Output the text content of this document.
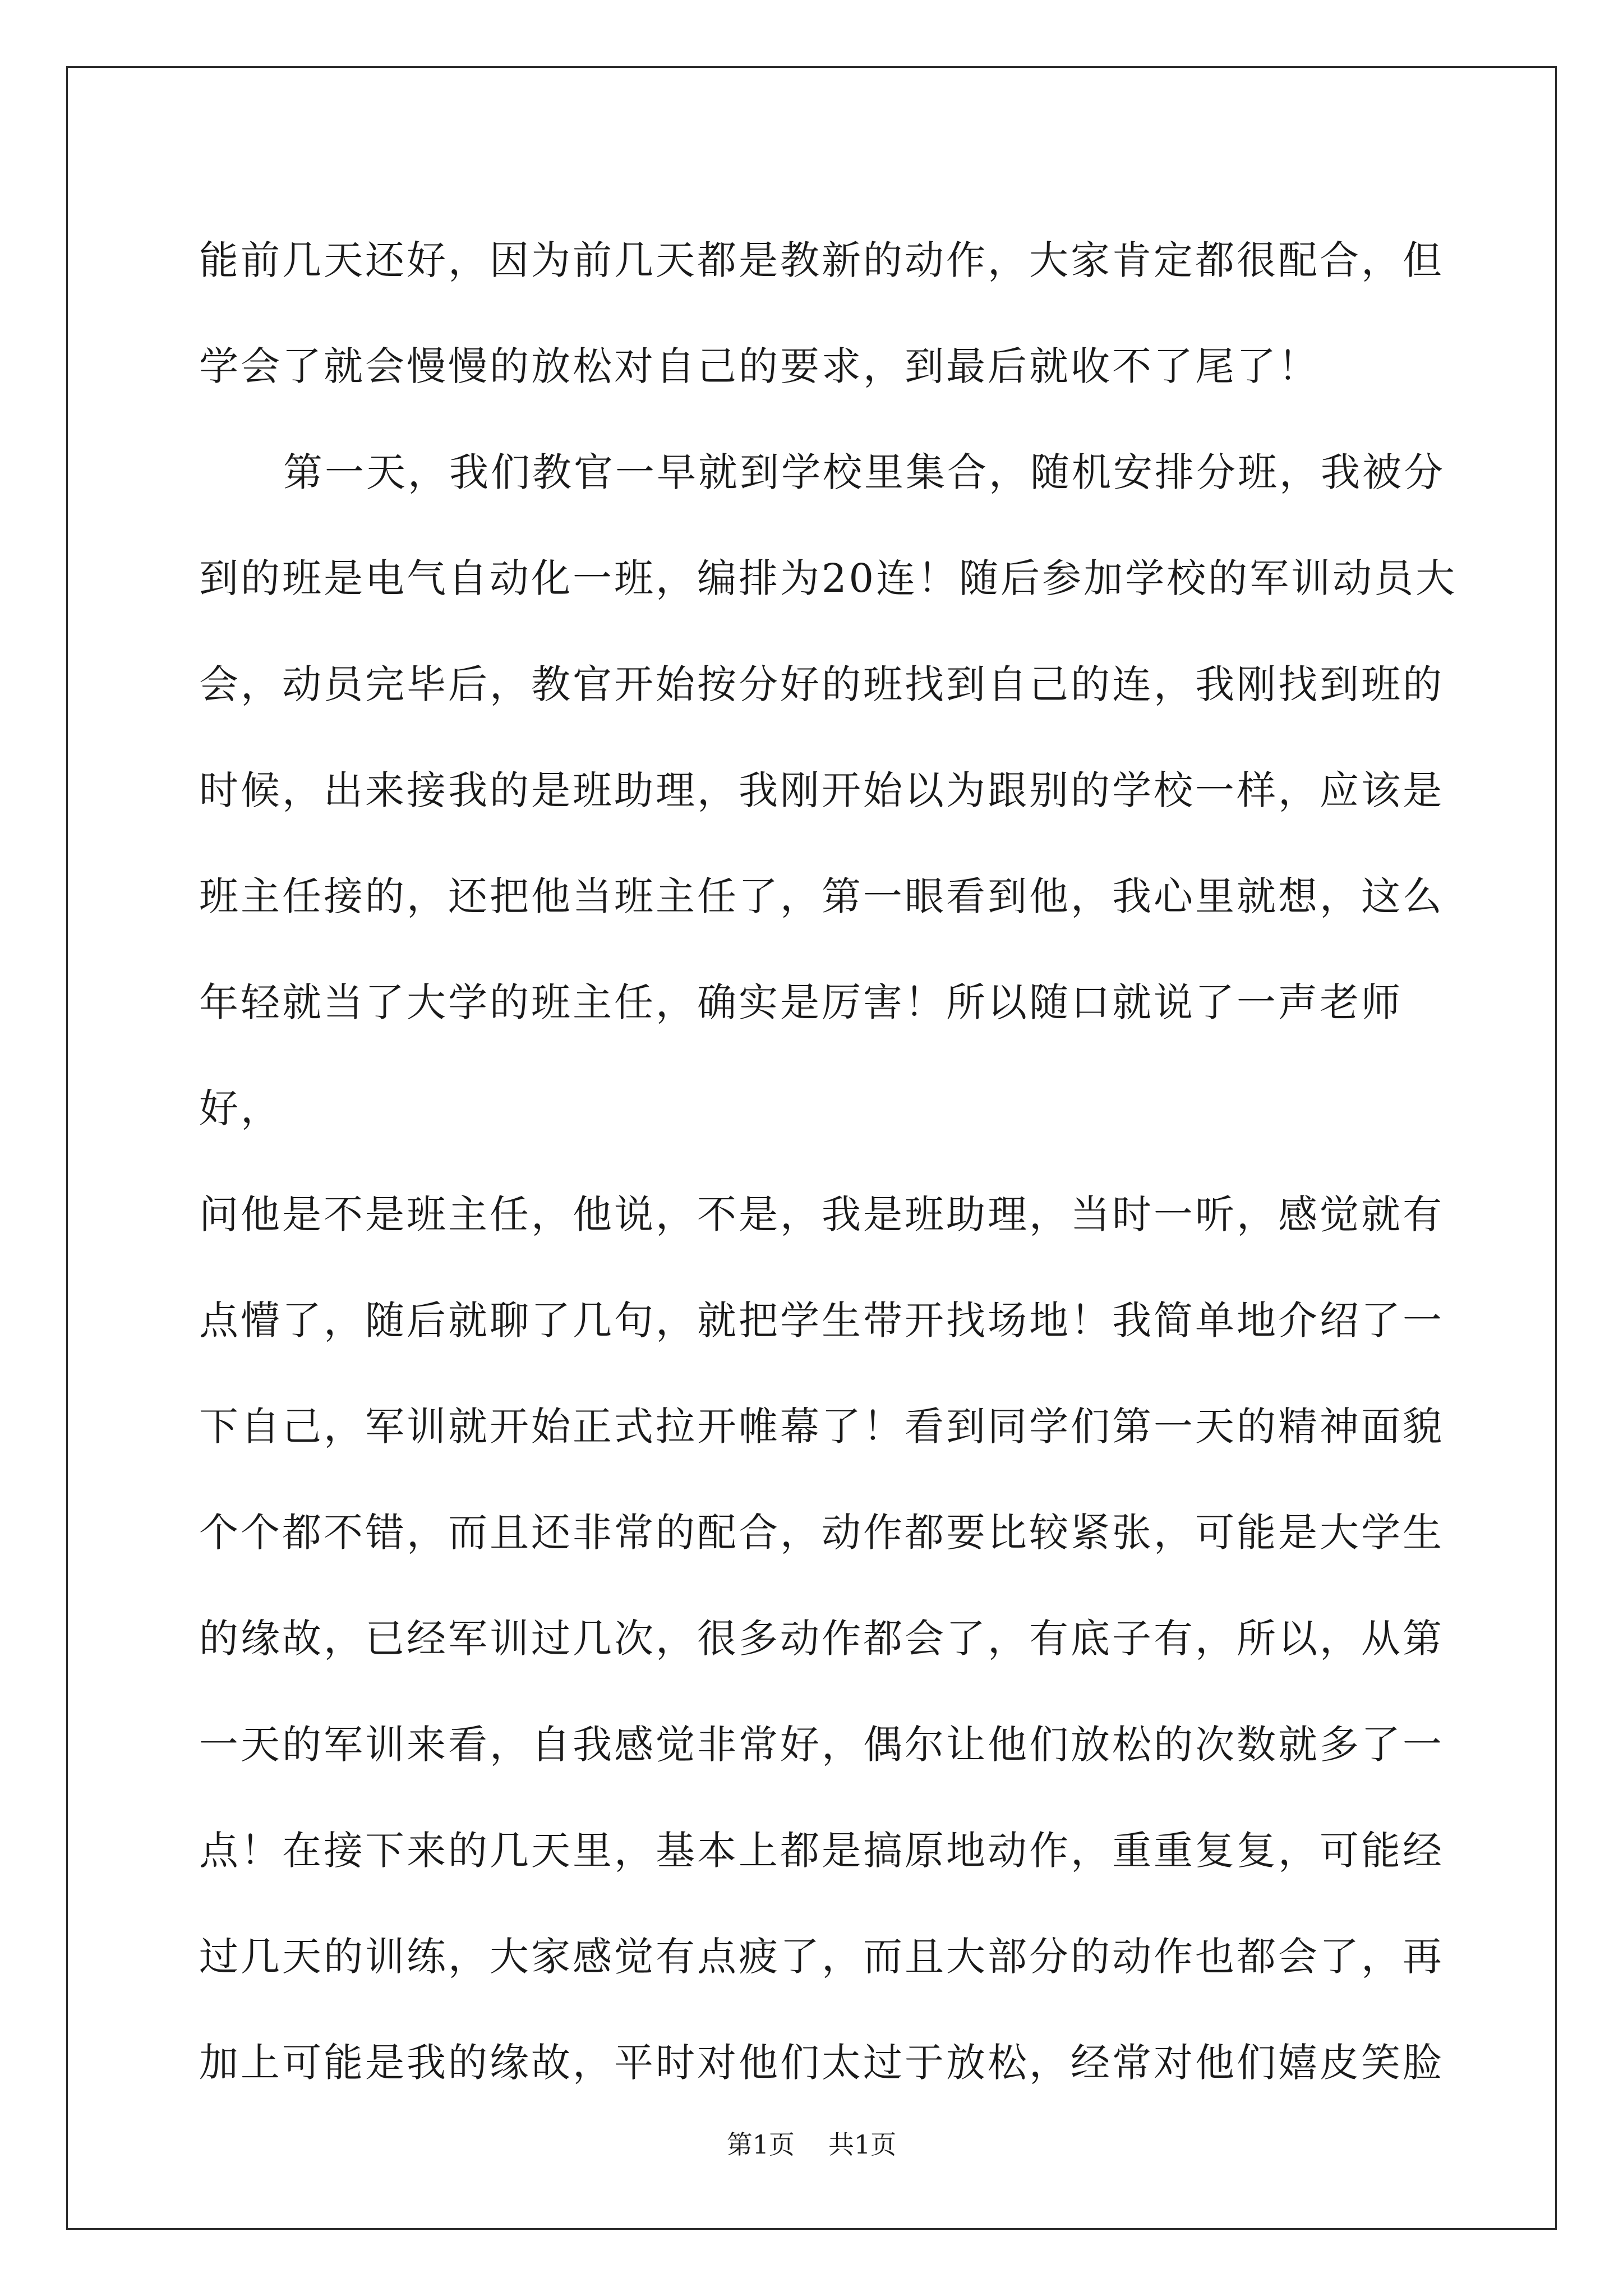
能前几天还好，因为前几天都是教新的动作，大家肯定都很配合，但
学会了就会慢慢的放松对自己的要求，到最后就收不了尾了！

第一天，我们教官一早就到学校里集合，随机安排分班，我被分
到的班是电气自动化一班，编排为20连！随后参加学校的军训动员大
会，动员完毕后，教官开始按分好的班找到自己的连，我刚找到班的
时候，出来接我的是班助理，我刚开始以为跟别的学校一样，应该是
班主任接的，还把他当班主任了，第一眼看到他，我心里就想，这么
年轻就当了大学的班主任，确实是厉害！所以随口就说了一声老师好，
问他是不是班主任，他说，不是，我是班助理，当时一听，感觉就有
点懵了，随后就聊了几句，就把学生带开找场地！我简单地介绍了一
下自己，军训就开始正式拉开帷幕了！看到同学们第一天的精神面貌
个个都不错，而且还非常的配合，动作都要比较紧张，可能是大学生
的缘故，已经军训过几次，很多动作都会了，有底子有，所以，从第
一天的军训来看，自我感觉非常好，偶尔让他们放松的次数就多了一
点！在接下来的几天里，基本上都是搞原地动作，重重复复，可能经
过几天的训练，大家感觉有点疲了，而且大部分的动作也都会了，再
加上可能是我的缘故，平时对他们太过于放松，经常对他们嬉皮笑脸

第1页 共1页
